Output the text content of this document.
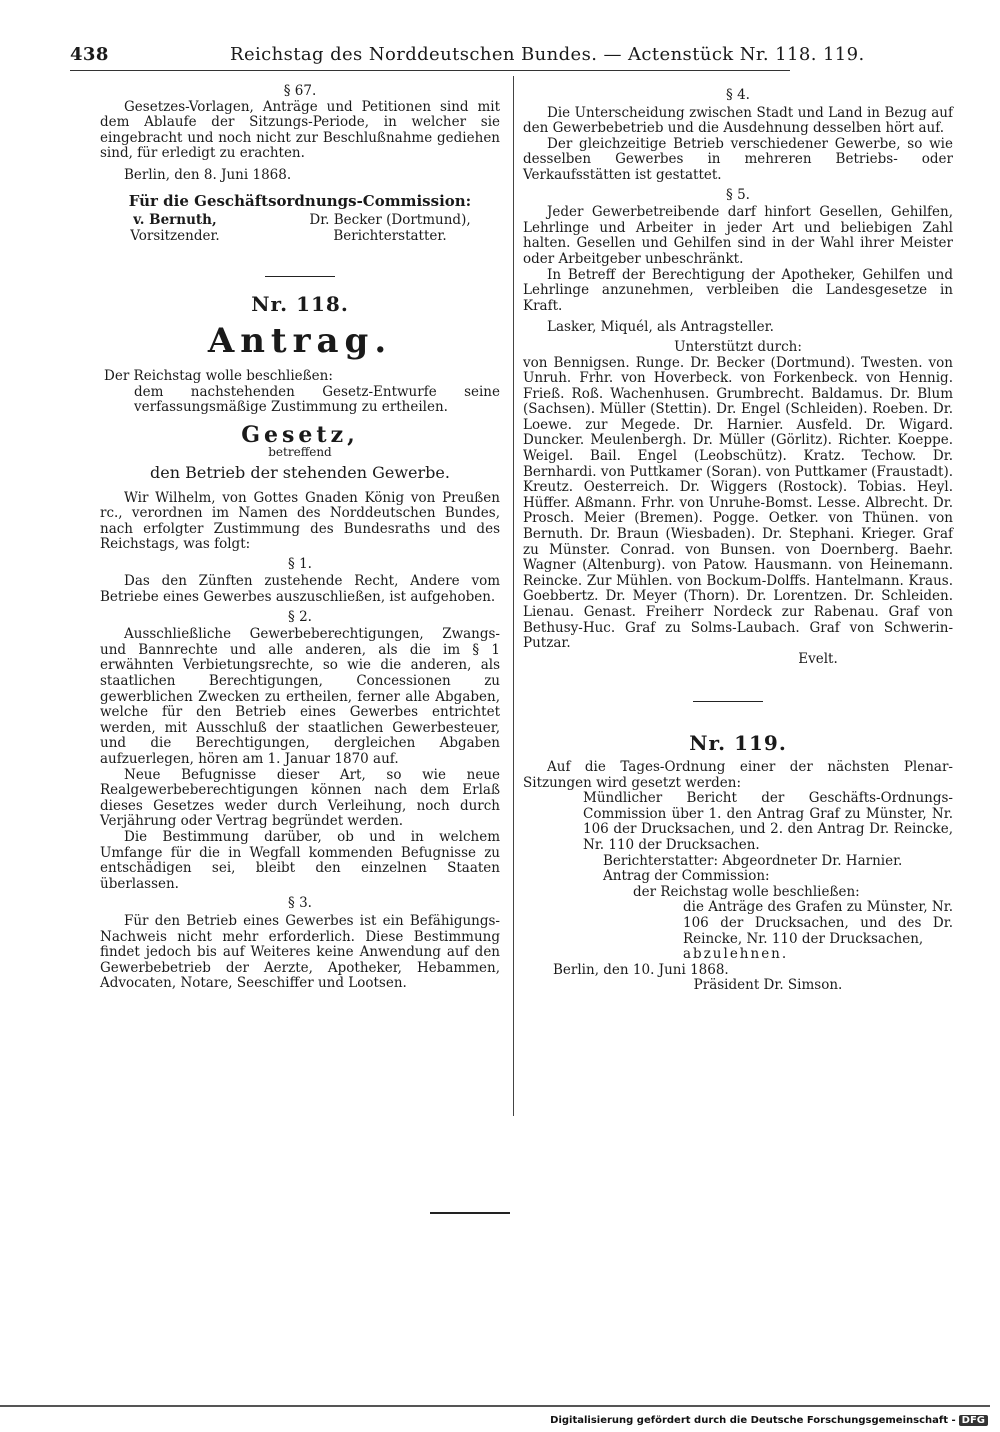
438	Reichstag des Norddeutschen Bundes. — Actenstück Nr. 118. 119.

§ 67.

Gesetzes-Vorlagen, Anträge und Petitionen sind mit dem Ablaufe der Sitzungs-Periode, in welcher sie eingebracht und noch nicht zur Beschlußnahme gediehen sind, für erledigt zu erachten.

Berlin, den 8. Juni 1868.

Für die Geschäftsordnungs-Commission:

v. Bernuth,
Vorsitzender.
Dr. Becker (Dortmund),
Berichterstatter.

Nr. 118.

Antrag.

Der Reichstag wolle beschließen:

dem nachstehenden Gesetz-Entwurfe seine verfassungsmäßige Zustimmung zu ertheilen.

Gesetz,

betreffend

den Betrieb der stehenden Gewerbe.

Wir Wilhelm, von Gottes Gnaden König von Preußen rc., verordnen im Namen des Norddeutschen Bundes, nach erfolgter Zustimmung des Bundesraths und des Reichstags, was folgt:

§ 1.

Das den Zünften zustehende Recht, Andere vom Betriebe eines Gewerbes auszuschließen, ist aufgehoben.

§ 2.

Ausschließliche Gewerbeberechtigungen, Zwangs- und Bannrechte und alle anderen, als die im § 1 erwähnten Verbietungsrechte, so wie die anderen, als staatlichen Berechtigungen, Concessionen zu gewerblichen Zwecken zu ertheilen, ferner alle Abgaben, welche für den Betrieb eines Gewerbes entrichtet werden, mit Ausschluß der staatlichen Gewerbesteuer, und die Berechtigungen, dergleichen Abgaben aufzuerlegen, hören am 1. Januar 1870 auf.

Neue Befugnisse dieser Art, so wie neue Realgewerbeberechtigungen können nach dem Erlaß dieses Gesetzes weder durch Verleihung, noch durch Verjährung oder Vertrag begründet werden.

Die Bestimmung darüber, ob und in welchem Umfange für die in Wegfall kommenden Befugnisse zu entschädigen sei, bleibt den einzelnen Staaten überlassen.

§ 3.

Für den Betrieb eines Gewerbes ist ein Befähigungs-Nachweis nicht mehr erforderlich. Diese Bestimmung findet jedoch bis auf Weiteres keine Anwendung auf den Gewerbebetrieb der Aerzte, Apotheker, Hebammen, Advocaten, Notare, Seeschiffer und Lootsen.

§ 4.

Die Unterscheidung zwischen Stadt und Land in Bezug auf den Gewerbebetrieb und die Ausdehnung desselben hört auf.

Der gleichzeitige Betrieb verschiedener Gewerbe, so wie desselben Gewerbes in mehreren Betriebs- oder Verkaufsstätten ist gestattet.

§ 5.

Jeder Gewerbetreibende darf hinfort Gesellen, Gehilfen, Lehrlinge und Arbeiter in jeder Art und beliebigen Zahl halten. Gesellen und Gehilfen sind in der Wahl ihrer Meister oder Arbeitgeber unbeschränkt.

In Betreff der Berechtigung der Apotheker, Gehilfen und Lehrlinge anzunehmen, verbleiben die Landesgesetze in Kraft.

Lasker, Miquél, als Antragsteller.

Unterstützt durch:

von Bennigsen. Runge. Dr. Becker (Dortmund). Twesten. von Unruh. Frhr. von Hoverbeck. von Forkenbeck. von Hennig. Frieß. Roß. Wachenhusen. Grumbrecht. Baldamus. Dr. Blum (Sachsen). Müller (Stettin). Dr. Engel (Schleiden). Roeben. Dr. Loewe. zur Megede. Dr. Harnier. Ausfeld. Dr. Wigard. Duncker. Meulenbergh. Dr. Müller (Görlitz). Richter. Koeppe. Weigel. Bail. Engel (Leobschütz). Kratz. Techow. Dr. Bernhardi. von Puttkamer (Soran). von Puttkamer (Fraustadt). Kreutz. Oesterreich. Dr. Wiggers (Rostock). Tobias. Heyl. Hüffer. Aßmann. Frhr. von Unruhe-Bomst. Lesse. Albrecht. Dr. Prosch. Meier (Bremen). Pogge. Oetker. von Thünen. von Bernuth. Dr. Braun (Wiesbaden). Dr. Stephani. Krieger. Graf zu Münster. Conrad. von Bunsen. von Doernberg. Baehr. Wagner (Altenburg). von Patow. Hausmann. von Heinemann. Reincke. Zur Mühlen. von Bockum-Dolffs. Hantelmann. Kraus. Goebbertz. Dr. Meyer (Thorn). Dr. Lorentzen. Dr. Schleiden. Lienau. Genast. Freiherr Nordeck zur Rabenau. Graf von Bethusy-Huc. Graf zu Solms-Laubach. Graf von Schwerin-Putzar.

Evelt.

Nr. 119.

Auf die Tages-Ordnung einer der nächsten Plenar-Sitzungen wird gesetzt werden:

Mündlicher Bericht der Geschäfts-Ordnungs-Commission über 1. den Antrag Graf zu Münster, Nr. 106 der Drucksachen, und 2. den Antrag Dr. Reincke, Nr. 110 der Drucksachen.

Berichterstatter: Abgeordneter Dr. Harnier.

Antrag der Commission:

der Reichstag wolle beschließen:

die Anträge des Grafen zu Münster, Nr. 106 der Drucksachen, und des Dr. Reincke, Nr. 110 der Drucksachen,

abzulehnen.

Berlin, den 10. Juni 1868.

Präsident Dr. Simson.

Digitalisierung gefördert durch die Deutsche Forschungsgemeinschaft - DFG
